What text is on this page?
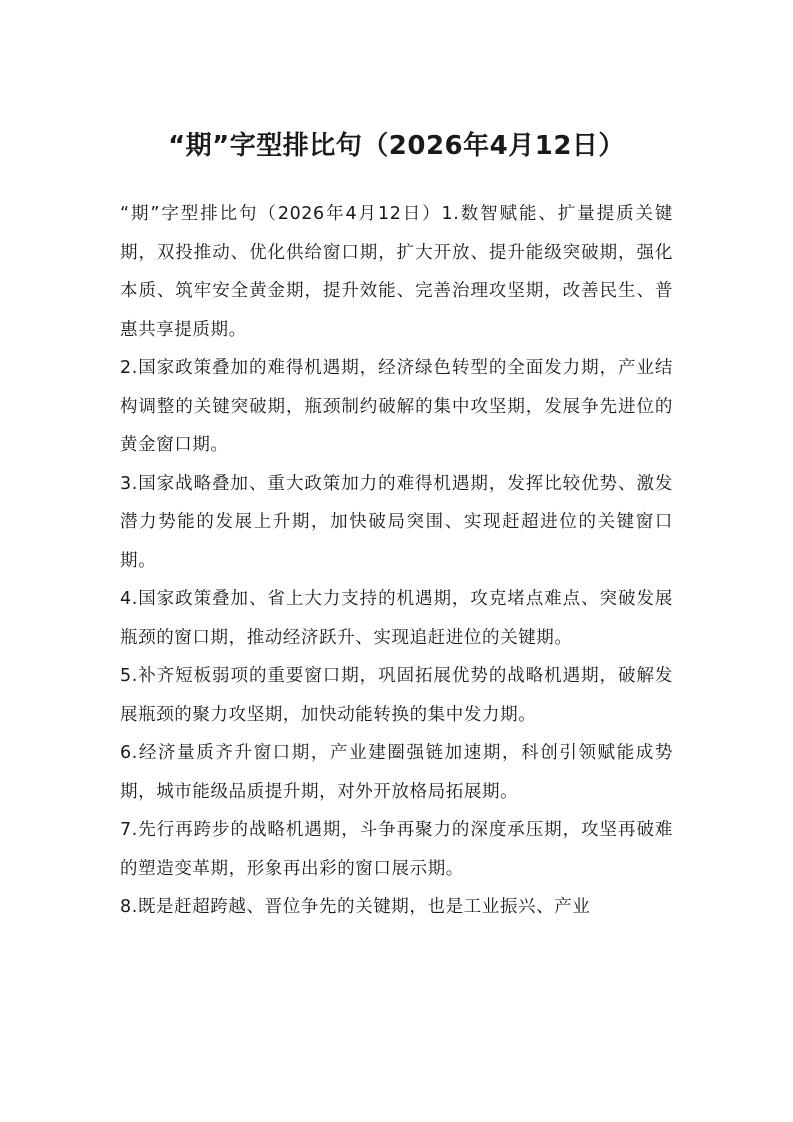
“期”字型排比句（2026年4月12日）

“期”字型排比句（2026年4月12日）1.数智赋能、扩量提质关键期，双投推动、优化供给窗口期，扩大开放、提升能级突破期，强化本质、筑牢安全黄金期，提升效能、完善治理攻坚期，改善民生、普惠共享提质期。

2.国家政策叠加的难得机遇期，经济绿色转型的全面发力期，产业结构调整的关键突破期，瓶颈制约破解的集中攻坚期，发展争先进位的黄金窗口期。

3.国家战略叠加、重大政策加力的难得机遇期，发挥比较优势、激发潜力势能的发展上升期，加快破局突围、实现赶超进位的关键窗口期。

4.国家政策叠加、省上大力支持的机遇期，攻克堵点难点、突破发展瓶颈的窗口期，推动经济跃升、实现追赶进位的关键期。

5.补齐短板弱项的重要窗口期，巩固拓展优势的战略机遇期，破解发展瓶颈的聚力攻坚期，加快动能转换的集中发力期。

6.经济量质齐升窗口期，产业建圈强链加速期，科创引领赋能成势期，城市能级品质提升期，对外开放格局拓展期。

7.先行再跨步的战略机遇期，斗争再聚力的深度承压期，攻坚再破难的塑造变革期，形象再出彩的窗口展示期。

8.既是赶超跨越、晋位争先的关键期，也是工业振兴、产业
